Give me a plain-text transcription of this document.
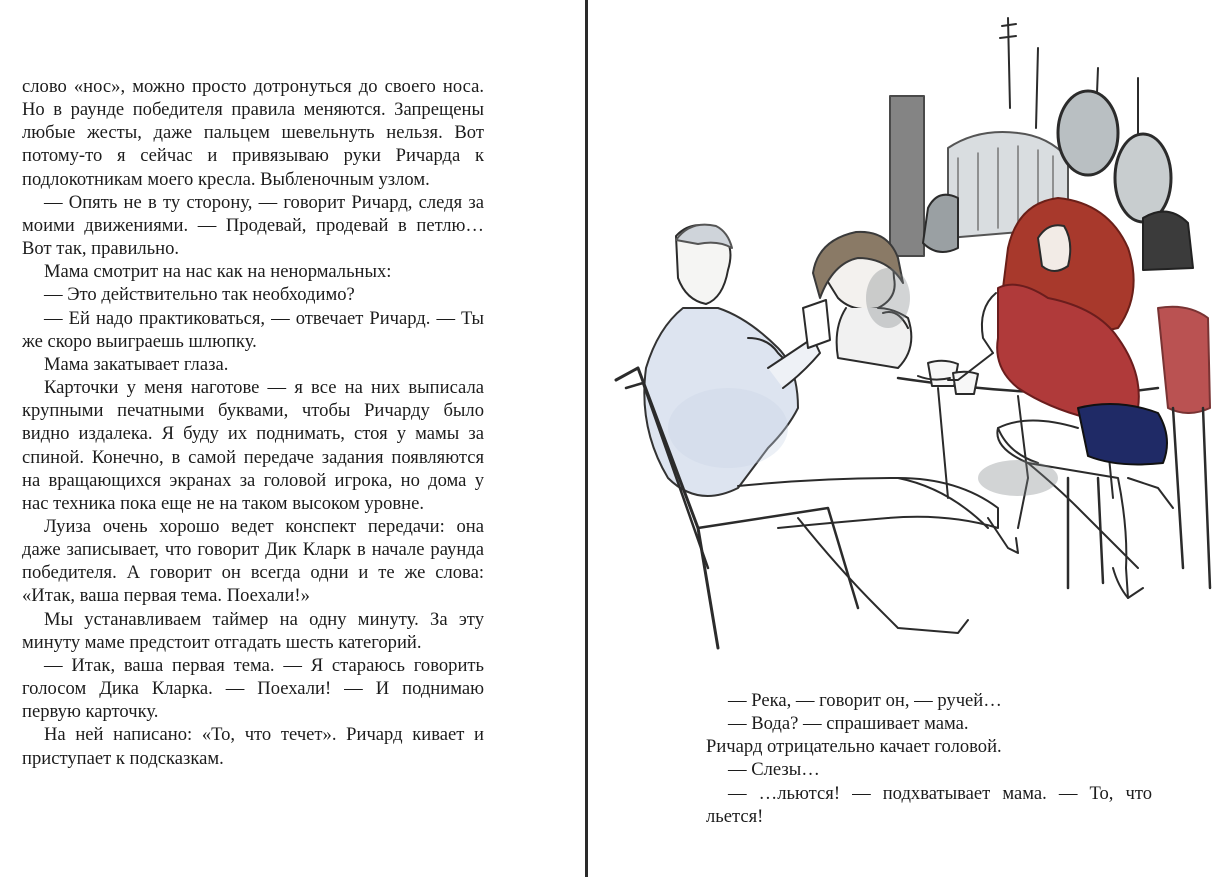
слово «нос», можно просто дотронуться до своего носа. Но в раунде победителя правила меняются. Запрещены любые жесты, даже пальцем шевельнуть нельзя. Вот потому-то я сейчас и привязываю руки Ричарда к подлокотникам моего кресла. Выбленочным узлом.

— Опять не в ту сторону, — говорит Ричард, следя за моими движениями. — Продевай, продевай в петлю… Вот так, правильно.

Мама смотрит на нас как на ненормальных:

— Это действительно так необходимо?

— Ей надо практиковаться, — отвечает Ричард. — Ты же скоро выиграешь шлюпку.

Мама закатывает глаза.

Карточки у меня наготове — я все на них выписала крупными печатными буквами, чтобы Ричарду было видно издалека. Я буду их поднимать, стоя у мамы за спиной. Конечно, в самой передаче задания появляются на вращающихся экранах за головой игрока, но дома у нас техника пока еще не на таком высоком уровне.

Луиза очень хорошо ведет конспект передачи: она даже записывает, что говорит Дик Кларк в начале раунда победителя. А говорит он всегда одни и те же слова: «Итак, ваша первая тема. Поехали!»

Мы устанавливаем таймер на одну минуту. За эту минуту маме предстоит отгадать шесть категорий.

— Итак, ваша первая тема. — Я стараюсь говорить голосом Дика Кларка. — Поехали! — И поднимаю первую карточку.

На ней написано: «То, что течет». Ричард кивает и приступает к подсказкам.

— Река, — говорит он, — ручей…

— Вода? — спрашивает мама.

Ричард отрицательно качает головой.

— Слезы…

— …льются! — подхватывает мама. — То, что льется!
